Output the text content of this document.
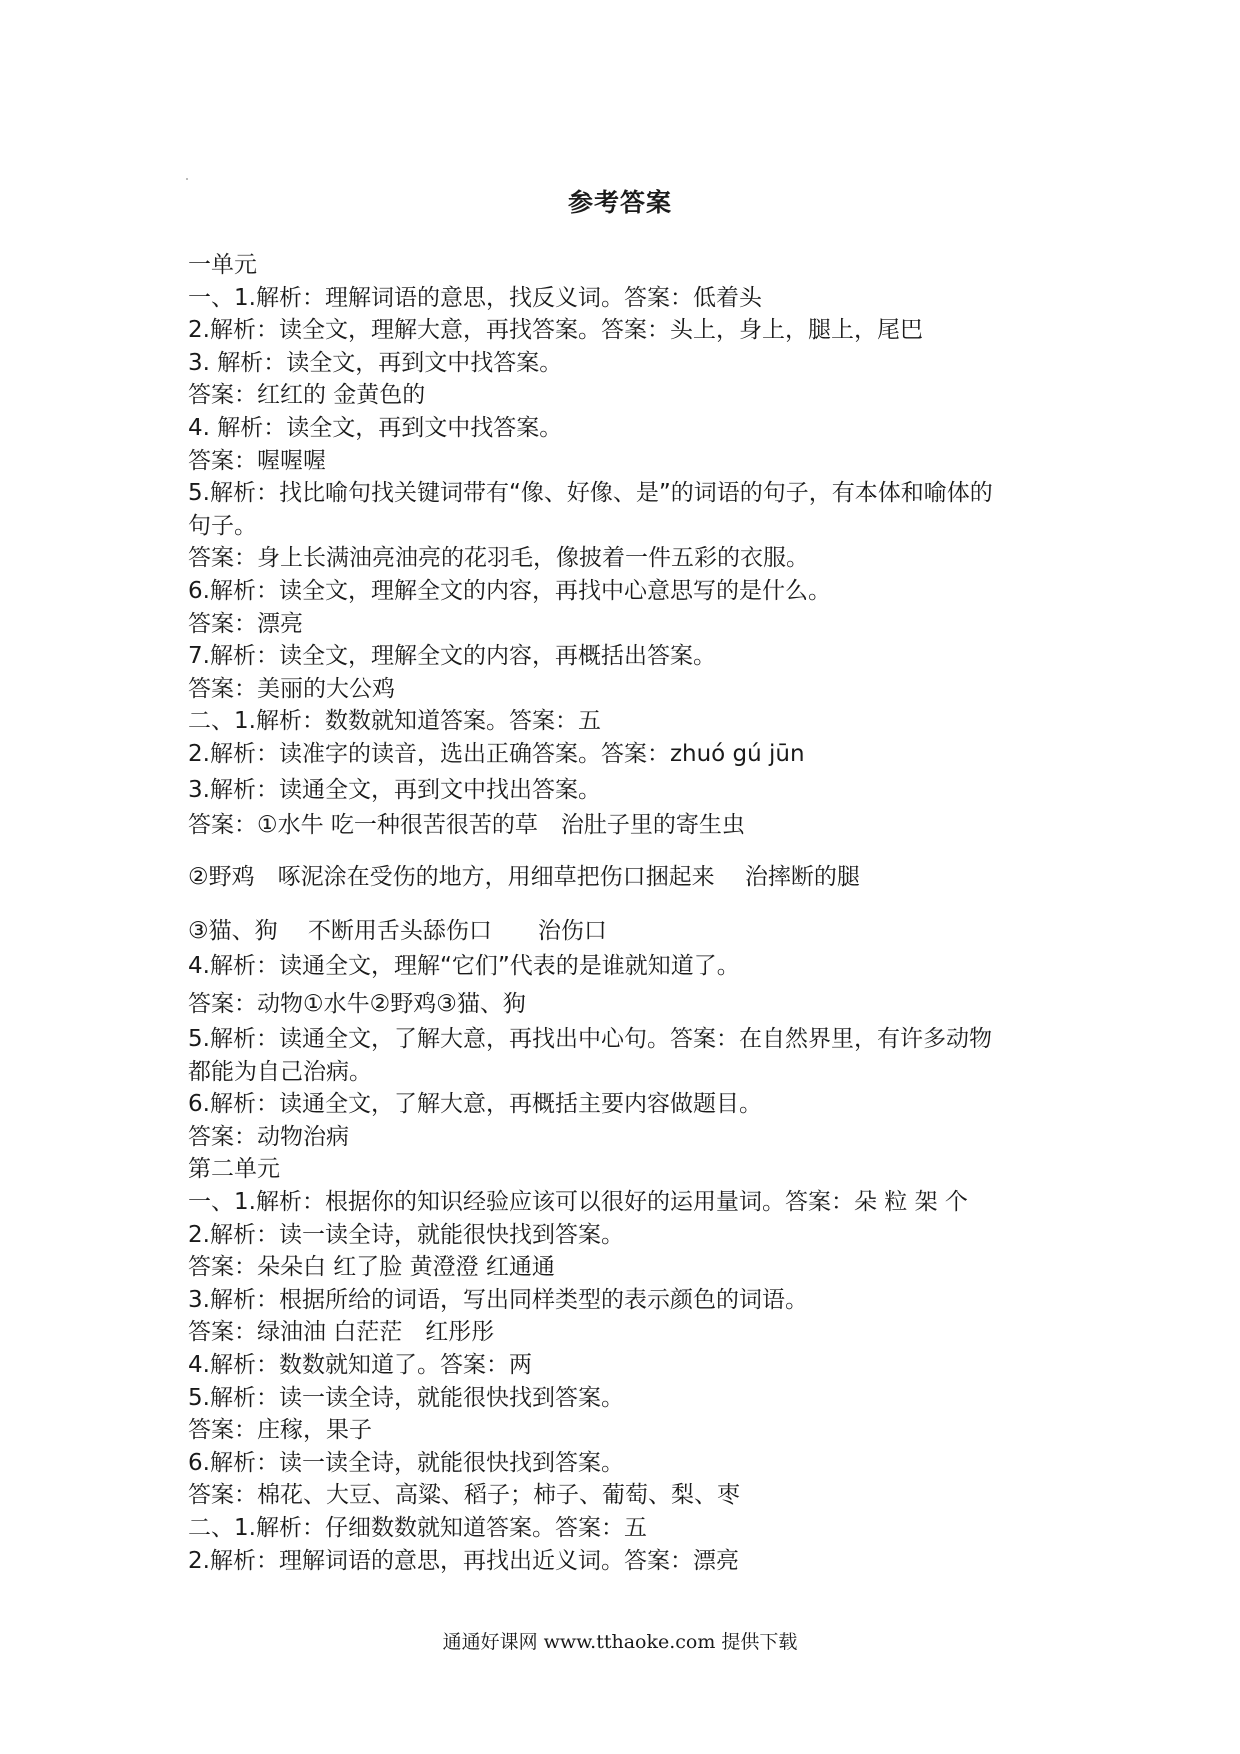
参考答案
一单元
一、1.解析：理解词语的意思，找反义词。答案：低着头
2.解析：读全文，理解大意，再找答案。答案：头上，身上，腿上，尾巴
3. 解析：读全文，再到文中找答案。
答案：红红的 金黄色的
4. 解析：读全文，再到文中找答案。
答案：喔喔喔
5.解析：找比喻句找关键词带有“像、好像、是”的词语的句子，有本体和喻体的
句子。
答案：身上长满油亮油亮的花羽毛，像披着一件五彩的衣服。
6.解析：读全文，理解全文的内容，再找中心意思写的是什么。
答案：漂亮
7.解析：读全文，理解全文的内容，再概括出答案。
答案：美丽的大公鸡
二、1.解析：数数就知道答案。答案：五
2.解析：读准字的读音，选出正确答案。答案：zhuó gú jūn
3.解析：读通全文，再到文中找出答案。
答案：①水牛 吃一种很苦很苦的草　治肚子里的寄生虫
②野鸡　啄泥涂在受伤的地方，用细草把伤口捆起来　 治摔断的腿
③猫、狗　 不断用舌头舔伤口　　治伤口
4.解析：读通全文，理解“它们”代表的是谁就知道了。
答案：动物①水牛②野鸡③猫、狗
5.解析：读通全文，了解大意，再找出中心句。答案：在自然界里，有许多动物
都能为自己治病。
6.解析：读通全文，了解大意，再概括主要内容做题目。
答案：动物治病
第二单元
一、1.解析：根据你的知识经验应该可以很好的运用量词。答案：朵 粒 架 个
2.解析：读一读全诗，就能很快找到答案。
答案：朵朵白 红了脸 黄澄澄 红通通
3.解析：根据所给的词语，写出同样类型的表示颜色的词语。
答案：绿油油 白茫茫　红彤彤
4.解析：数数就知道了。答案：两
5.解析：读一读全诗，就能很快找到答案。
答案：庄稼，果子
6.解析：读一读全诗，就能很快找到答案。
答案：棉花、大豆、高粱、稻子；柿子、葡萄、梨、枣
二、1.解析：仔细数数就知道答案。答案：五
2.解析：理解词语的意思，再找出近义词。答案：漂亮
通通好课网 www.tthaoke.com 提供下载
